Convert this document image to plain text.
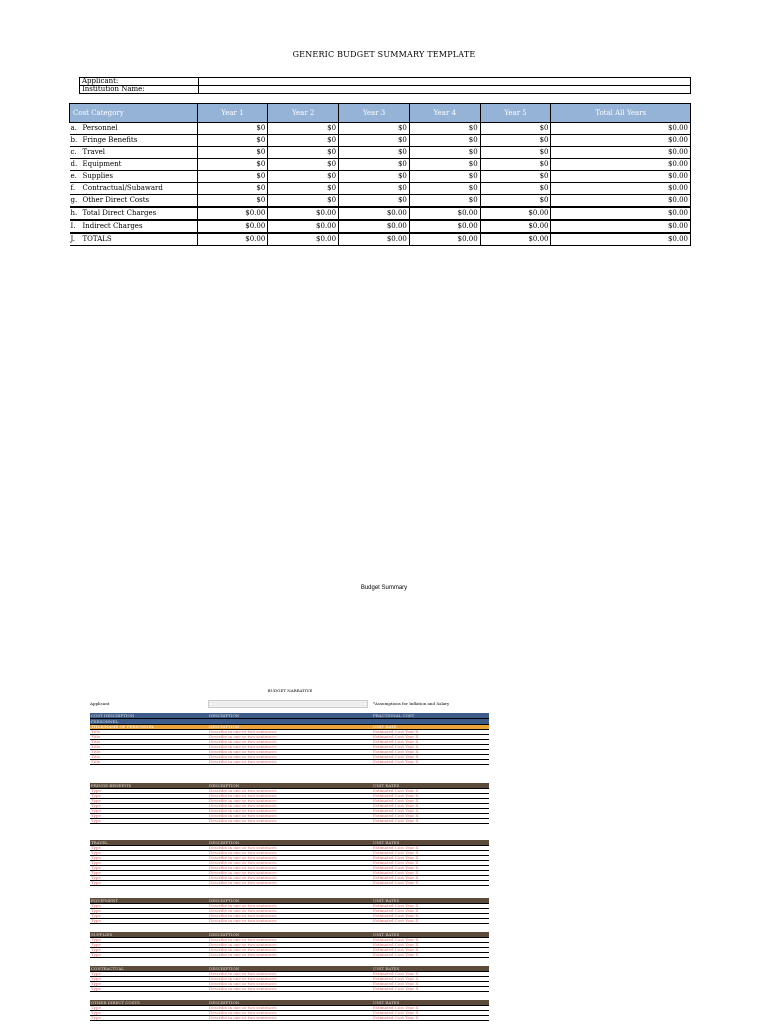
GENERIC BUDGET SUMMARY TEMPLATE
Applicant:	
Institution Name:	
Cost Category		Year 1	Year 2	Year 3	Year 4	Year 5	Total All Years
a.	Personnel	$0	$0	$0	$0	$0	$0.00
b.	Fringe Benefits	$0	$0	$0	$0	$0	$0.00
c.	Travel	$0	$0	$0	$0	$0	$0.00
d.	Equipment	$0	$0	$0	$0	$0	$0.00
e.	Supplies	$0	$0	$0	$0	$0	$0.00
f.	Contractual/Subaward	$0	$0	$0	$0	$0	$0.00
g.	Other Direct Costs	$0	$0	$0	$0	$0	$0.00
h.	Total Direct Charges	$0.00	$0.00	$0.00	$0.00	$0.00	$0.00
I.	Indirect Charges	$0.00	$0.00	$0.00	$0.00	$0.00	$0.00
J.	TOTALS	$0.00	$0.00	$0.00	$0.00	$0.00	$0.00
Budget Summary
BUDGET NARRATIVE
Applicant	*Assumptions for Inflation and Salary
COST DESCRIPTION	DESCRIPTION	FRACTIONAL COST
PERSONNEL		
TITLE/NAME OF PERSONNEL	DESCRIPTION	UNIT RATE
Title	Describe in one or two sentences	Estimated Cost Year X
Title	Describe in one or two sentences	Estimated Cost Year X
Title	Describe in one or two sentences	Estimated Cost Year X
Title	Describe in one or two sentences	Estimated Cost Year X
Title	Describe in one or two sentences	Estimated Cost Year X
Title	Describe in one or two sentences	Estimated Cost Year X
Title	Describe in one or two sentences	Estimated Cost Year X
FRINGE BENEFITS	DESCRIPTION	UNIT RATES
Type	Describe in one or two sentences	Estimated Cost Year X
Type	Describe in one or two sentences	Estimated Cost Year X
Type	Describe in one or two sentences	Estimated Cost Year X
Type	Describe in one or two sentences	Estimated Cost Year X
Type	Describe in one or two sentences	Estimated Cost Year X
Type	Describe in one or two sentences	Estimated Cost Year X
Type	Describe in one or two sentences	Estimated Cost Year X
TRAVEL	DESCRIPTION	UNIT RATES
Type	Describe in one or two sentences	Estimated Cost Year X
Type	Describe in one or two sentences	Estimated Cost Year X
Type	Describe in one or two sentences	Estimated Cost Year X
Type	Describe in one or two sentences	Estimated Cost Year X
Type	Describe in one or two sentences	Estimated Cost Year X
Type	Describe in one or two sentences	Estimated Cost Year X
Type	Describe in one or two sentences	Estimated Cost Year X
Type	Describe in one or two sentences	Estimated Cost Year X
EQUIPMENT	DESCRIPTION	UNIT RATES
Type	Describe in one or two sentences	Estimated Cost Year X
Type	Describe in one or two sentences	Estimated Cost Year X
Type	Describe in one or two sentences	Estimated Cost Year X
Type	Describe in one or two sentences	Estimated Cost Year X
SUPPLIES	DESCRIPTION	UNIT RATES
Type	Describe in one or two sentences	Estimated Cost Year X
Type	Describe in one or two sentences	Estimated Cost Year X
Type	Describe in one or two sentences	Estimated Cost Year X
Type	Describe in one or two sentences	Estimated Cost Year X
CONTRACTUAL	DESCRIPTION	UNIT RATES
Type	Describe in one or two sentences	Estimated Cost Year X
Type	Describe in one or two sentences	Estimated Cost Year X
Type	Describe in one or two sentences	Estimated Cost Year X
Type	Describe in one or two sentences	Estimated Cost Year X
OTHER DIRECT COSTS	DESCRIPTION	UNIT RATES
Type	Describe in one or two sentences	Estimated Cost Year X
Type	Describe in one or two sentences	Estimated Cost Year X
Type	Describe in one or two sentences	Estimated Cost Year X
